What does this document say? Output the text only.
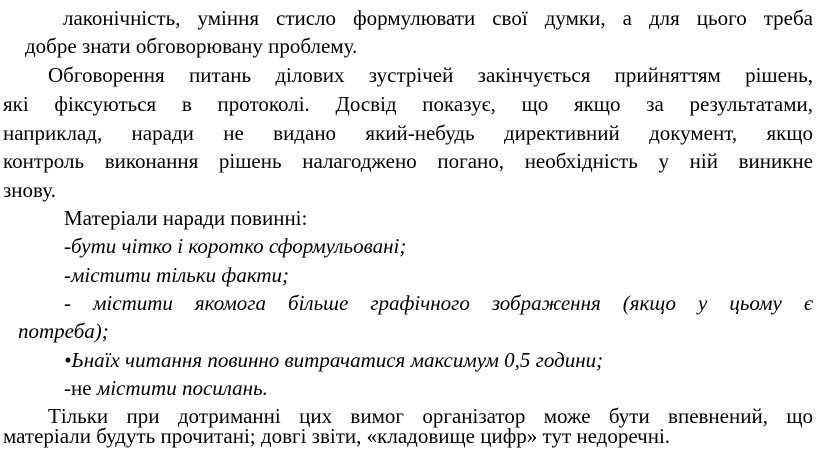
лаконічність, уміння стисло формулювати свої думки, а для цього треба
добре знати обговорювану проблему.
Обговорення питань ділових зустрічей закінчується прийняттям рішень,
які фіксуються в протоколі. Досвід показує, що якщо за результатами,
наприклад, наради не видано який-небудь директивний документ, якщо
контроль виконання рішень налагоджено погано, необхідність у ній виникне
знову.
Матеріали наради повинні:
-бути чітко і коротко сформульовані;
-містити тільки факти;
- містити якомога більше графічного зображення (якщо у цьому є
потреба);
•Ьнаїх читання повинно витрачатися максимум 0,5 години;
-не містити посилань.
Тільки при дотриманні цих вимог організатор може бути впевнений, що
матеріали будуть прочитані; довгі звіти, «кладовище цифр» тут недоречні.
